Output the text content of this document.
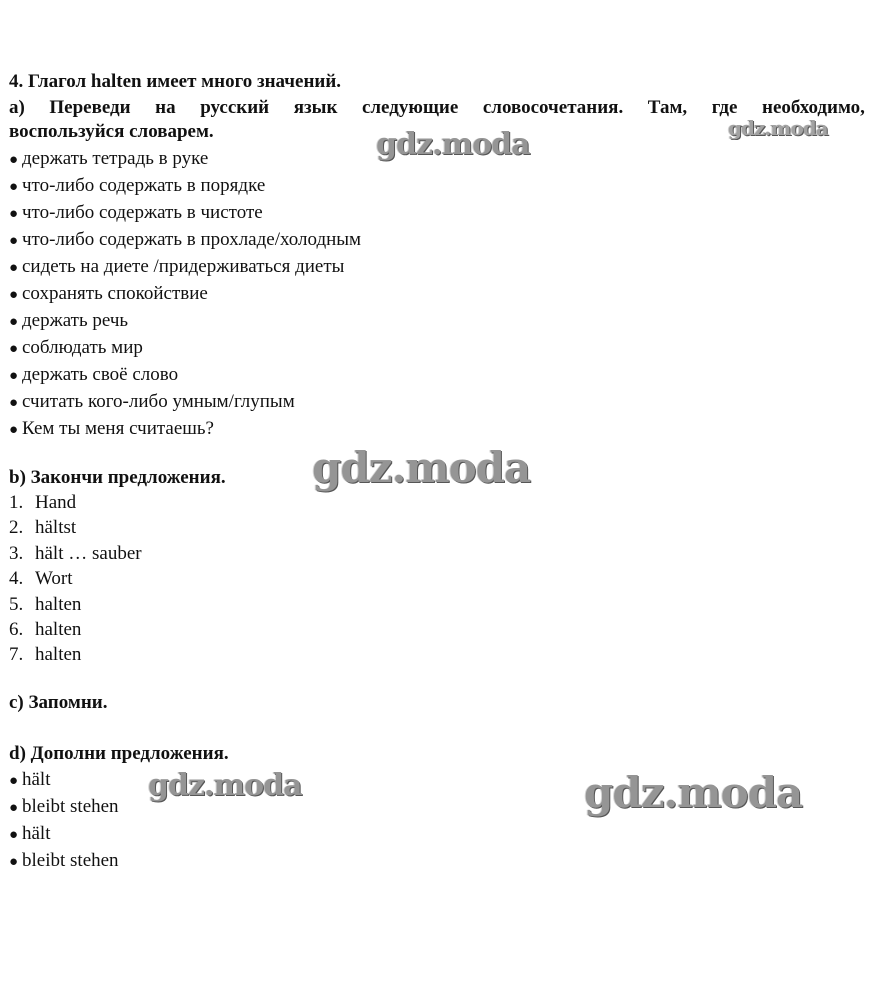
4. Глагол halten имеет много значений.
a) Переведи на русский язык следующие словосочетания. Там, где необходимо,
воспользуйся словарем.
● держать тетрадь в руке
● что-либо содержать в порядке
● что-либо содержать в чистоте
● что-либо содержать в прохладе/холодным
● сидеть на диете /придерживаться диеты
● сохранять спокойствие
● держать речь
● соблюдать мир
● держать своё слово
● считать кого-либо умным/глупым
● Кем ты меня считаешь?
b) Закончи предложения.
1. Hand
2. hältst
3. hält … sauber
4. Wort
5. halten
6. halten
7. halten
c) Запомни.
d) Дополни предложения.
● hält
● bleibt stehen
● hält
● bleibt stehen
gdz.moda
gdz.moda
gdz.moda
gdz.moda	gdz.moda
